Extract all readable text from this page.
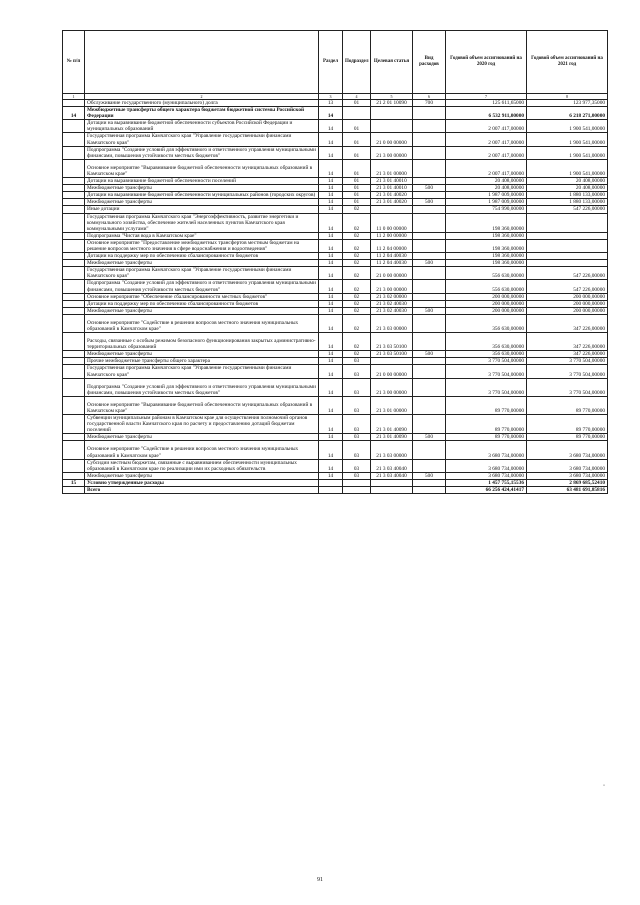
№ п/п		Раздел	Подраздел	Целевая статья	Вид расходов	Годовой объем ассигнований на 2020 год	Годовой объем ассигнований на 2021 год
1	2	3	4	5	6	7	8
	Обслуживание государственного (муниципального) долга	13	01	21 2 01 10090	700	125 611,65000	123 977,35000
14	Межбюджетные трансферты общего характера бюджетам бюджетной системы Российской Федерации	14				6 532 911,00000	6 218 271,00000
	Дотации на выравнивание бюджетной обеспеченности субъектов Российской Федерации и муниципальных образований	14	01			2 007 417,00000	1 900 541,00000
	Государственная программа Камчатского края "Управление государственными финансами Камчатского края"	14	01	21 0 00 00000		2 007 417,00000	1 900 541,00000
	Подпрограмма "Создание условий для эффективного и ответственного управления муниципальными финансами, повышения устойчивости местных бюджетов"	14	01	21 3 00 00000		2 007 417,00000	1 900 541,00000
	Основное мероприятие "Выравнивание бюджетной обеспеченности муниципальных образований в Камчатском крае"	14	01	21 3 01 00000		2 007 417,00000	1 900 541,00000
	Дотации на выравнивание бюджетной обеспеченности поселений	14	01	21 3 01 40010		20 408,00000	20 408,00000
	Межбюджетные трансферты	14	01	21 3 01 40010	500	20 408,00000	20 408,00000
	Дотации на выравнивание бюджетной обеспеченности муниципальных районов (городских округов)	14	01	21 3 01 40020		1 987 009,00000	1 880 133,00000
	Межбюджетные трансферты	14	01	21 3 01 40020	500	1 987 009,00000	1 880 133,00000
	Иные дотации	14	02			754 990,00000	547 226,00000
	Государственная программа Камчатского края "Энергоэффективность, развитие энергетики и коммунального хозяйства, обеспечение жителей населенных пунктов Камчатского края коммунальными услугами"	14	02	11 0 00 00000		198 360,00000	
	Подпрограмма "Чистая вода в Камчатском крае"	14	02	11 2 00 00000		198 360,00000	
	Основное мероприятие "Предоставление межбюджетных трансфертов местным бюджетам на решение вопросов местного значения в сфере водоснабжения и водоотведения"	14	02	11 2 04 00000		198 360,00000	
	Дотации на поддержку мер по обеспечению сбалансированности бюджетов	14	02	11 2 04 40030		198 360,00000	
	Межбюджетные трансферты	14	02	11 2 04 40030	500	198 360,00000	
	Государственная программа Камчатского края "Управление государственными финансами Камчатского края"	14	02	21 0 00 00000		556 630,00000	547 226,00000
	Подпрограмма "Создание условий для эффективного и ответственного управления муниципальными финансами, повышения устойчивости местных бюджетов"	14	02	21 3 00 00000		556 630,00000	547 226,00000
	Основное мероприятие "Обеспечение сбалансированности местных бюджетов"	14	02	21 3 02 00000		200 000,00000	200 000,00000
	Дотации на поддержку мер по обеспечению сбалансированности бюджетов	14	02	21 3 02 40030		200 000,00000	200 000,00000
	Межбюджетные трансферты	14	02	21 3 02 40030	500	200 000,00000	200 000,00000
	Основное мероприятие "Содействие в решении вопросов местного значения муниципальных образований в Камчатском крае"	14	02	21 3 03 00000		356 630,00000	347 226,00000
	Расходы, связанные с особым режимом безопасного функционирования закрытых административно-территориальных образований	14	02	21 3 03 50100		356 630,00000	347 226,00000
	Межбюджетные трансферты	14	02	21 3 03 50100	500	356 630,00000	347 226,00000
	Прочие межбюджетные трансферты общего характера	14	03			3 770 504,00000	3 770 504,00000
	Государственная программа Камчатского края "Управление государственными финансами Камчатского края"	14	03	21 0 00 00000		3 770 504,00000	3 770 504,00000
	Подпрограмма "Создание условий для эффективного и ответственного управления муниципальными финансами, повышения устойчивости местных бюджетов"	14	03	21 3 00 00000		3 770 504,00000	3 770 504,00000
	Основное мероприятие "Выравнивание бюджетной обеспеченности муниципальных образований в Камчатском крае"	14	03	21 3 01 00000		89 770,00000	89 770,00000
	Субвенции муниципальным районам в Камчатском крае для осуществления полномочий органов государственной власти Камчатского края по расчету и предоставлению дотаций бюджетам поселений	14	03	21 3 01 40090		89 770,00000	89 770,00000
	Межбюджетные трансферты	14	03	21 3 01 40090	500	89 770,00000	89 770,00000
	Основное мероприятие "Содействие в решении вопросов местного значения муниципальных образований в Камчатском крае"	14	03	21 3 03 00000		3 680 734,00000	3 680 734,00000
	Субсидии местным бюджетам, связанные с выравниванием обеспеченности муниципальных образований в Камчатском крае по реализации ими их расходных обязательств	14	03	21 3 03 40040		3 680 734,00000	3 680 734,00000
	Межбюджетные трансферты	14	03	21 3 03 40040	500	3 680 734,00000	3 680 734,00000
15	Условно утвержденные расходы					1 457 755,15536	2 869 685,52410
	Всего					66 256 424,41417	63 481 691,85816
91
»
